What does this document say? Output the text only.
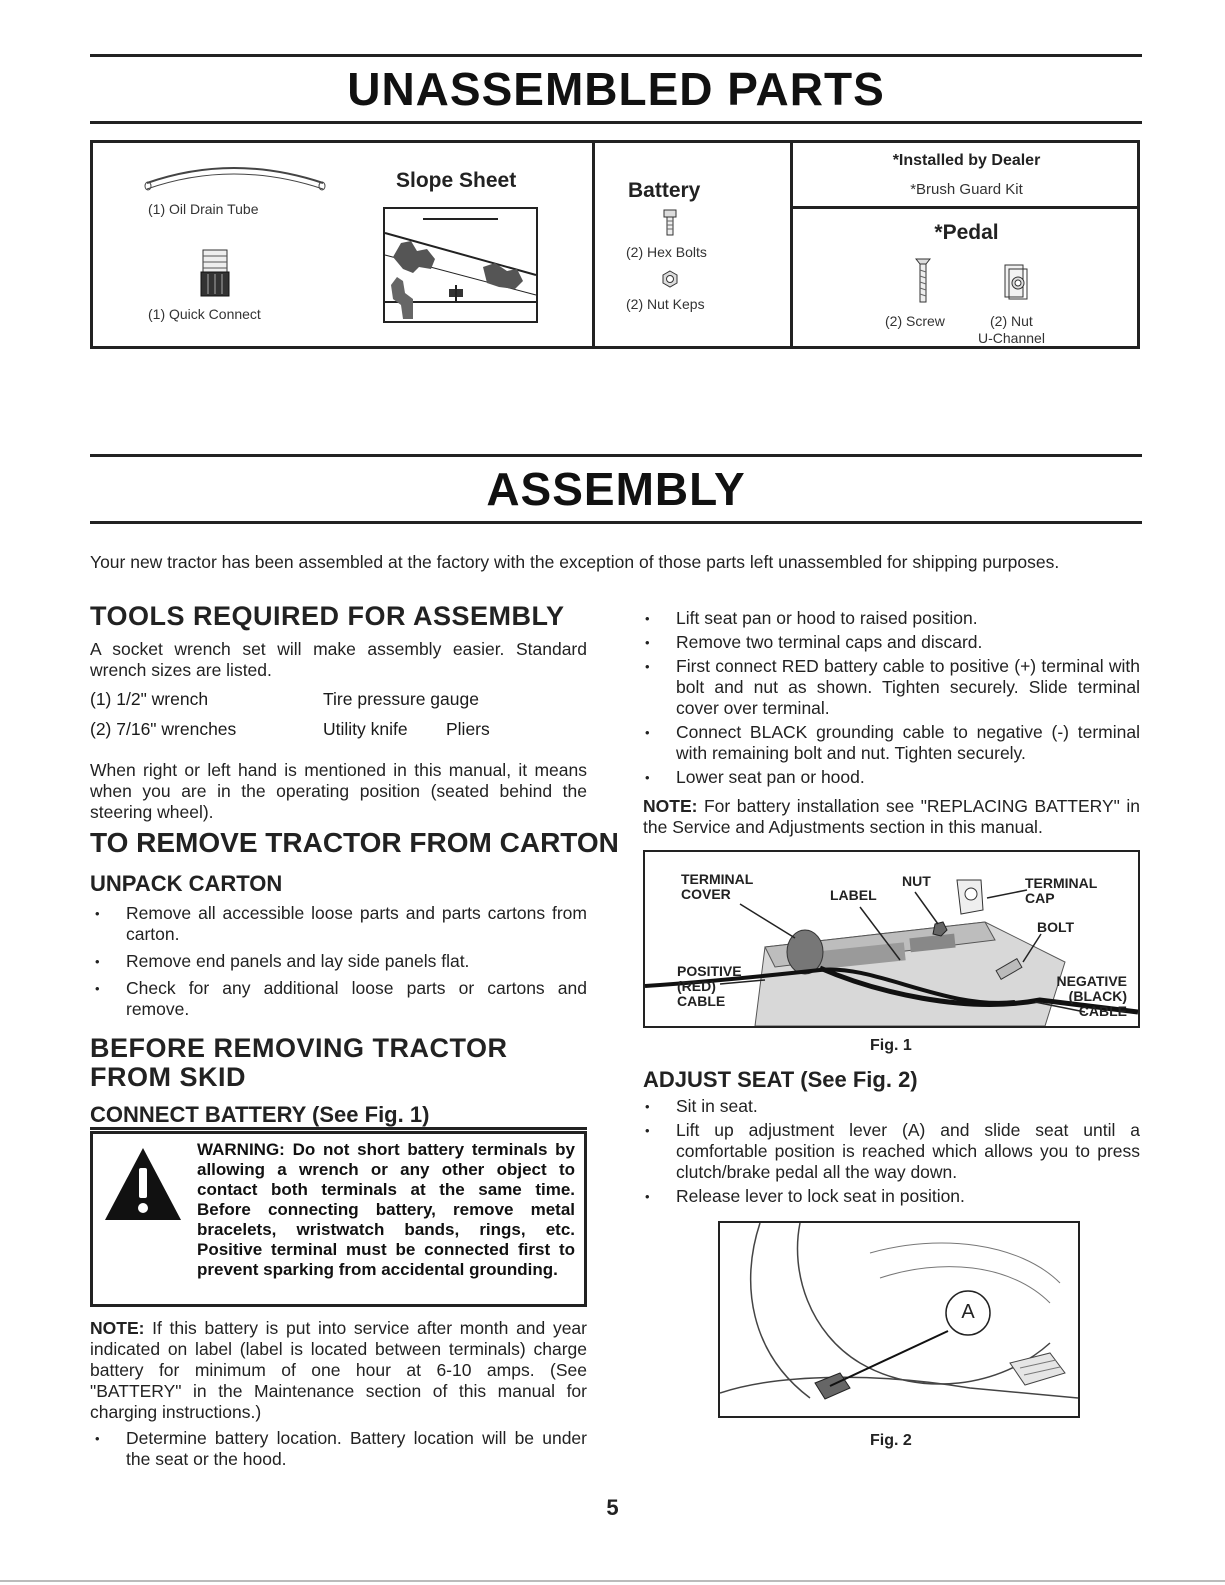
UNASSEMBLED PARTS
(1) Oil Drain Tube
(1) Quick Connect
Slope Sheet	Battery
(2) Hex Bolts
(2) Nut Keps
*Installed by Dealer
*Brush Guard Kit
*Pedal
(2) Screw	(2) Nut
U-Channel
ASSEMBLY

Your new tractor has been assembled at the factory with the exception of those parts left unassembled for shipping purposes.

TOOLS REQUIRED FOR ASSEMBLY

A socket wrench set will make assembly easier. Standard wrench sizes are listed.

(1) 1/2" wrench	Tire pressure gauge
(2) 7/16" wrenches	Utility knife Pliers

When right or left hand is mentioned in this manual, it means when you are in the operating position (seated behind the steering wheel).

TO REMOVE TRACTOR FROM CARTON
UNPACK CARTON
• Remove all accessible loose parts and parts cartons from carton.
• Remove end panels and lay side panels flat.
• Check for any additional loose parts or cartons and remove.
BEFORE REMOVING TRACTOR FROM SKID
CONNECT BATTERY (See Fig. 1)
WARNING: Do not short battery terminals by allowing a wrench or any other object to contact both terminals at the same time. Before connecting battery, remove metal bracelets, wristwatch bands, rings, etc. Positive terminal must be connected first to prevent sparking from accidental grounding.

NOTE: If this battery is put into service after month and year indicated on label (label is located between terminals) charge battery for minimum of one hour at 6-10 amps. (See "BATTERY" in the Maintenance section of this manual for charging instructions.)

• Determine battery location. Battery location will be under the seat or the hood.
• Lift seat pan or hood to raised position.
• Remove two terminal caps and discard.
• First connect RED battery cable to positive (+) terminal with bolt and nut as shown. Tighten securely. Slide terminal cover over terminal.
• Connect BLACK grounding cable to negative (-) terminal with remaining bolt and nut. Tighten securely.
• Lower seat pan or hood.

NOTE: For battery installation see "REPLACING BATTERY" in the Service and Adjustments section in this manual.

TERMINAL COVER	LABEL
NUT	TERMINAL CAP
BOLT
POSITIVE (RED) CABLE
NEGATIVE (BLACK) CABLE
Fig. 1
ADJUST SEAT (See Fig. 2)
• Sit in seat.
• Lift up adjustment lever (A) and slide seat until a comfortable position is reached which allows you to press clutch/brake pedal all the way down.
• Release lever to lock seat in position.
A
Fig. 2
5
